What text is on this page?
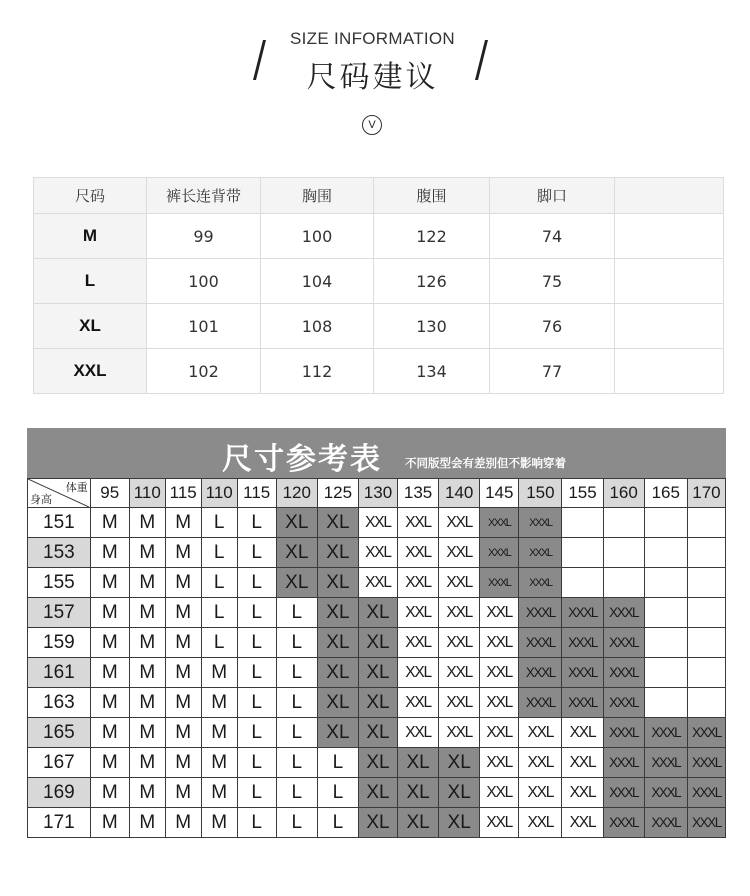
SIZE INFORMATION
尺码建议
V
尺码	裤长连背带	胸围	腹围	脚口	
M	99	100	122	74	
L	100	104	126	75	
XL	101	108	130	76	
XXL	102	112	134	77	
尺寸参考表 不同版型会有差别但不影响穿着
体重
身高	95	110	115	110	115	120	125	130	135	140	145	150	155	160	165	170
151	M	M	M	L	L	XL	XL	XXL	XXL	XXL	XXXL	XXXL				
153	M	M	M	L	L	XL	XL	XXL	XXL	XXL	XXXL	XXXL				
155	M	M	M	L	L	XL	XL	XXL	XXL	XXL	XXXL	XXXL				
157	M	M	M	L	L	L	XL	XL	XXL	XXL	XXL	XXXL	XXXL	XXXL		
159	M	M	M	L	L	L	XL	XL	XXL	XXL	XXL	XXXL	XXXL	XXXL		
161	M	M	M	M	L	L	XL	XL	XXL	XXL	XXL	XXXL	XXXL	XXXL		
163	M	M	M	M	L	L	XL	XL	XXL	XXL	XXL	XXXL	XXXL	XXXL		
165	M	M	M	M	L	L	XL	XL	XXL	XXL	XXL	XXL	XXL	XXXL	XXXL	XXXL
167	M	M	M	M	L	L	L	XL	XL	XL	XXL	XXL	XXL	XXXL	XXXL	XXXL
169	M	M	M	M	L	L	L	XL	XL	XL	XXL	XXL	XXL	XXXL	XXXL	XXXL
171	M	M	M	M	L	L	L	XL	XL	XL	XXL	XXL	XXL	XXXL	XXXL	XXXL
